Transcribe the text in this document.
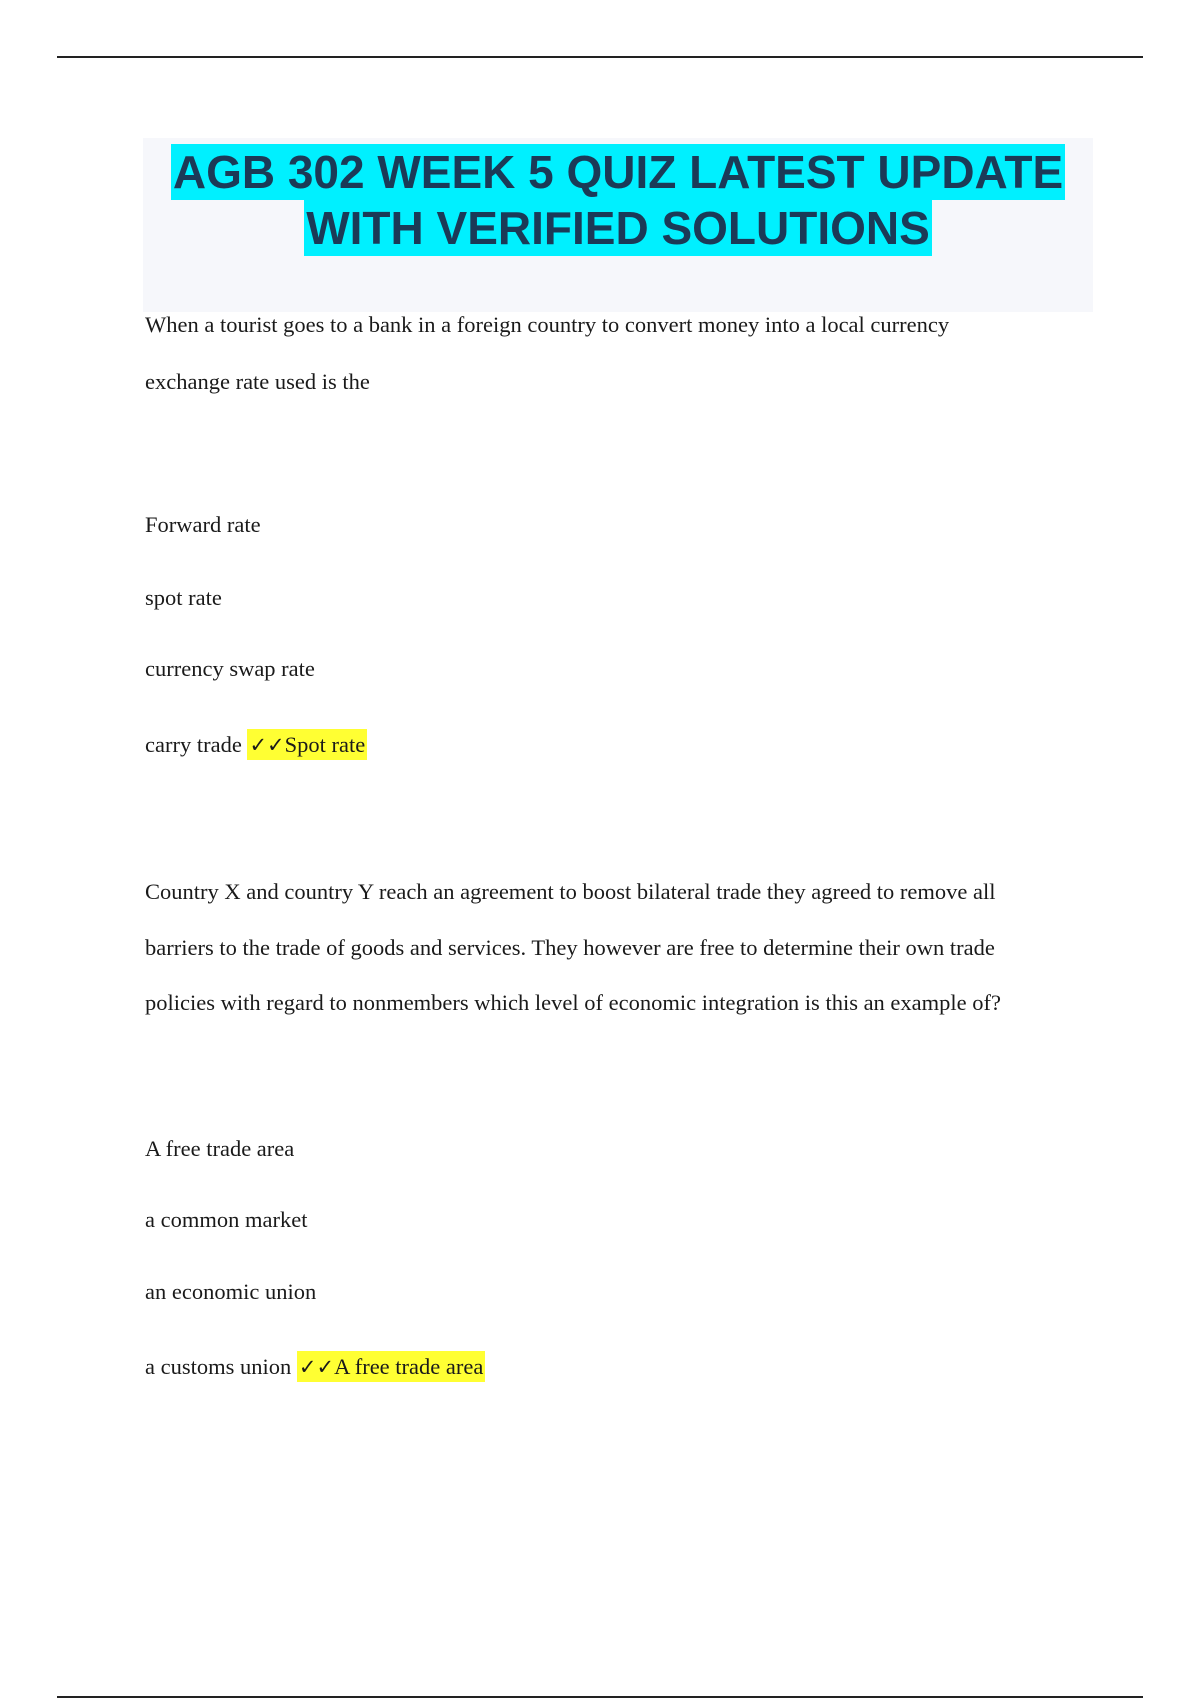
AGB 302 WEEK 5 QUIZ LATEST UPDATE
WITH VERIFIED SOLUTIONS
When a tourist goes to a bank in a foreign country to convert money into a local currency
exchange rate used is the
Forward rate
spot rate
currency swap rate
carry trade ✓✓Spot rate
Country X and country Y reach an agreement to boost bilateral trade they agreed to remove all
barriers to the trade of goods and services. They however are free to determine their own trade
policies with regard to nonmembers which level of economic integration is this an example of?
A free trade area
a common market
an economic union
a customs union ✓✓A free trade area
